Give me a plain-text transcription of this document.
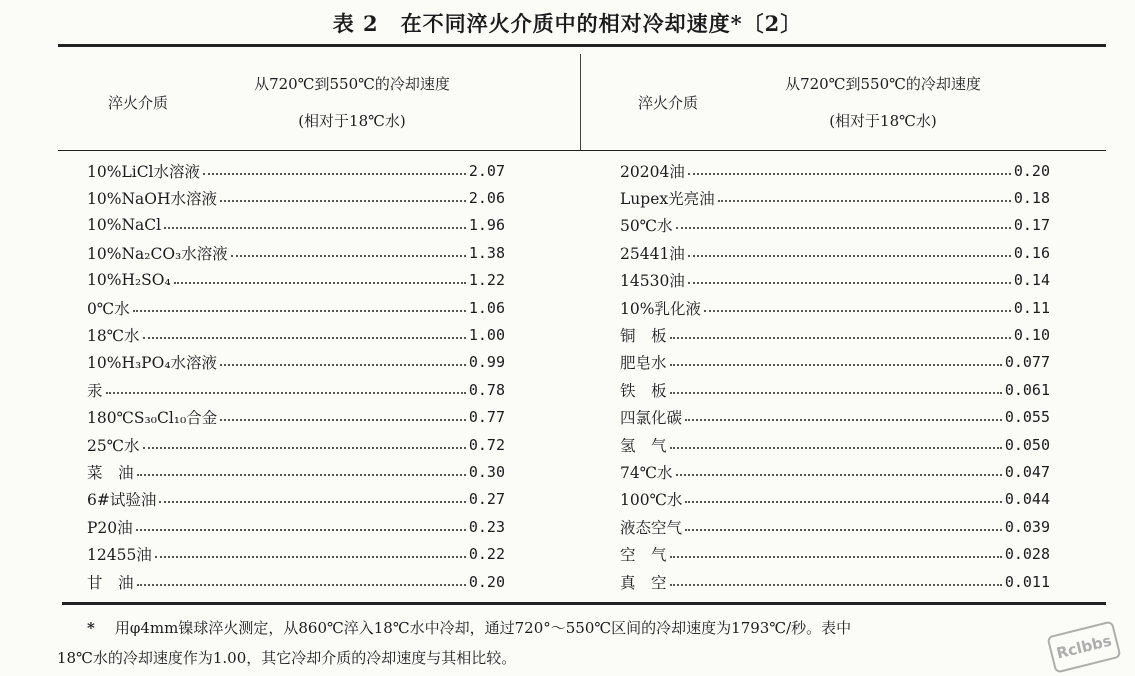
表 2　在不同淬火介质中的相对冷却速度*〔2〕
淬火介质
从720℃到550℃的冷却速度
(相对于18℃水)
淬火介质
从720℃到550℃的冷却速度
(相对于18℃水)
10%LiCl水溶液	2.07
10%NaOH水溶液	2.06
10%NaCl	1.96
10%Na₂CO₃水溶液	1.38
10%H₂SO₄	1.22
0℃水	1.06
18℃水	1.00
10%H₃PO₄水溶液	0.99
汞	0.78
180℃S₃₀Cl₁₀合金	0.77
25℃水	0.72
菜　油	0.30
6#试验油	0.27
P20油	0.23
12455油	0.22
甘　油	0.20
20204油	0.20
Lupex光亮油	0.18
50℃水	0.17
25441油	0.16
14530油	0.14
10%乳化液	0.11
铜　板	0.10
肥皂水	0.077
铁　板	0.061
四氯化碳	0.055
氢　气	0.050
74℃水	0.047
100℃水	0.044
液态空气	0.039
空　气	0.028
真　空	0.011
* 用φ4mm镍球淬火测定，从860℃淬入18℃水中冷却，通过720°～550℃区间的冷却速度为1793℃/秒。表中
18℃水的冷却速度作为1.00，其它冷却介质的冷却速度与其相比较。	Rclbbs
